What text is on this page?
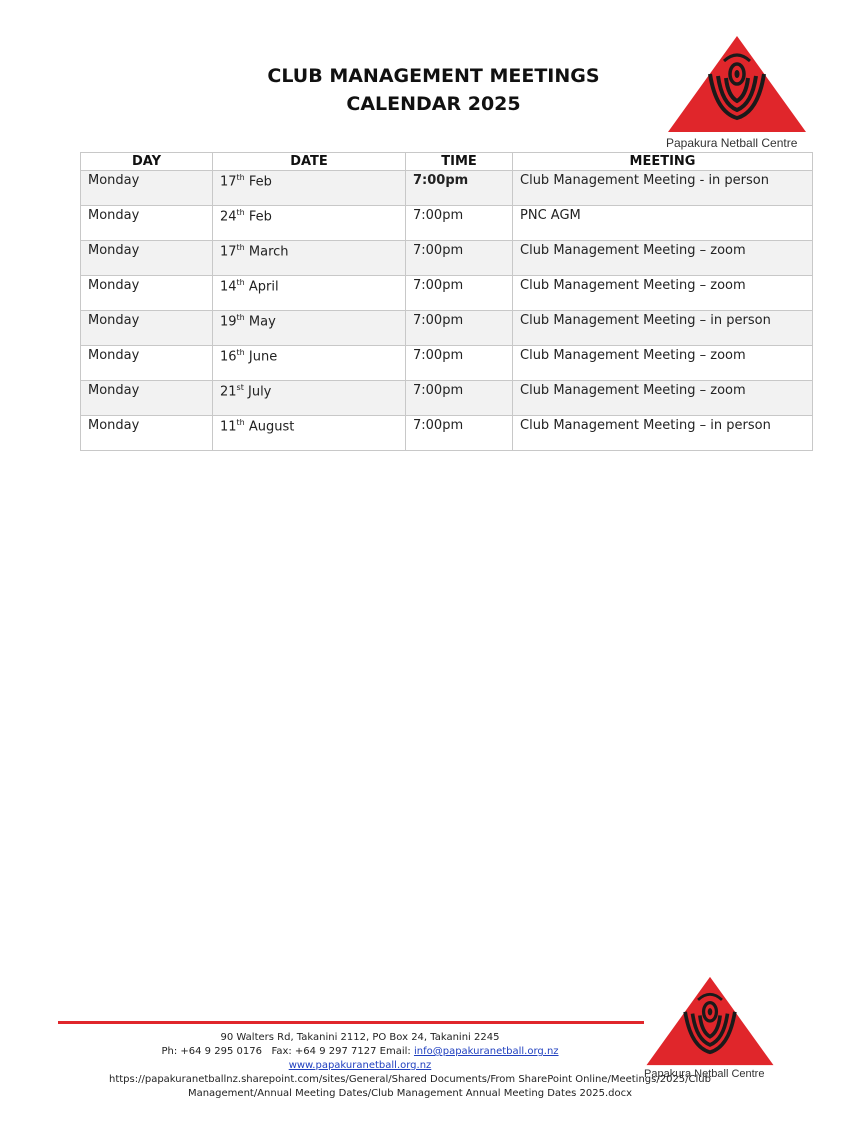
CLUB MANAGEMENT MEETINGS
CALENDAR 2025
Papakura Netball Centre
DAY	DATE	TIME	MEETING
Monday	17th Feb	7:00pm	Club Management Meeting - in person
Monday	24th Feb	7:00pm	PNC AGM
Monday	17th March	7:00pm	Club Management Meeting – zoom
Monday	14th April	7:00pm	Club Management Meeting – zoom
Monday	19th May	7:00pm	Club Management Meeting – in person
Monday	16th June	7:00pm	Club Management Meeting – zoom
Monday	21st July	7:00pm	Club Management Meeting – zoom
Monday	11th August	7:00pm	Club Management Meeting – in person
90 Walters Rd, Takanini 2112, PO Box 24, Takanini 2245
Ph: +64 9 295 0176 Fax: +64 9 297 7127 Email: info@papakuranetball.org.nz
www.papakuranetball.org.nz
https://papakuranetballnz.sharepoint.com/sites/General/Shared Documents/From SharePoint Online/Meetings/2025/Club
Management/Annual Meeting Dates/Club Management Annual Meeting Dates 2025.docx
Papakura Netball Centre
